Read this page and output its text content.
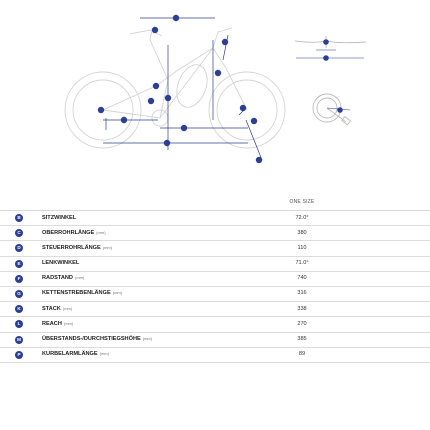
ONE SIZE
B	SITZWINKEL	72.0°
C	OBERROHRLÄNGE (mm)	380
D	STEUERROHRLÄNGE (mm)	110
E	LENKWINKEL	71.0°
F	RADSTAND (mm)	740
G	KETTENSTREBENLÄNGE (mm)	316
K	STACK (mm)	338
L	REACH (mm)	270
M	ÜBERSTANDS-/DURCHSTIEGSHÖHE (mm)	385
P	KURBELARMLÄNGE (mm)	89
